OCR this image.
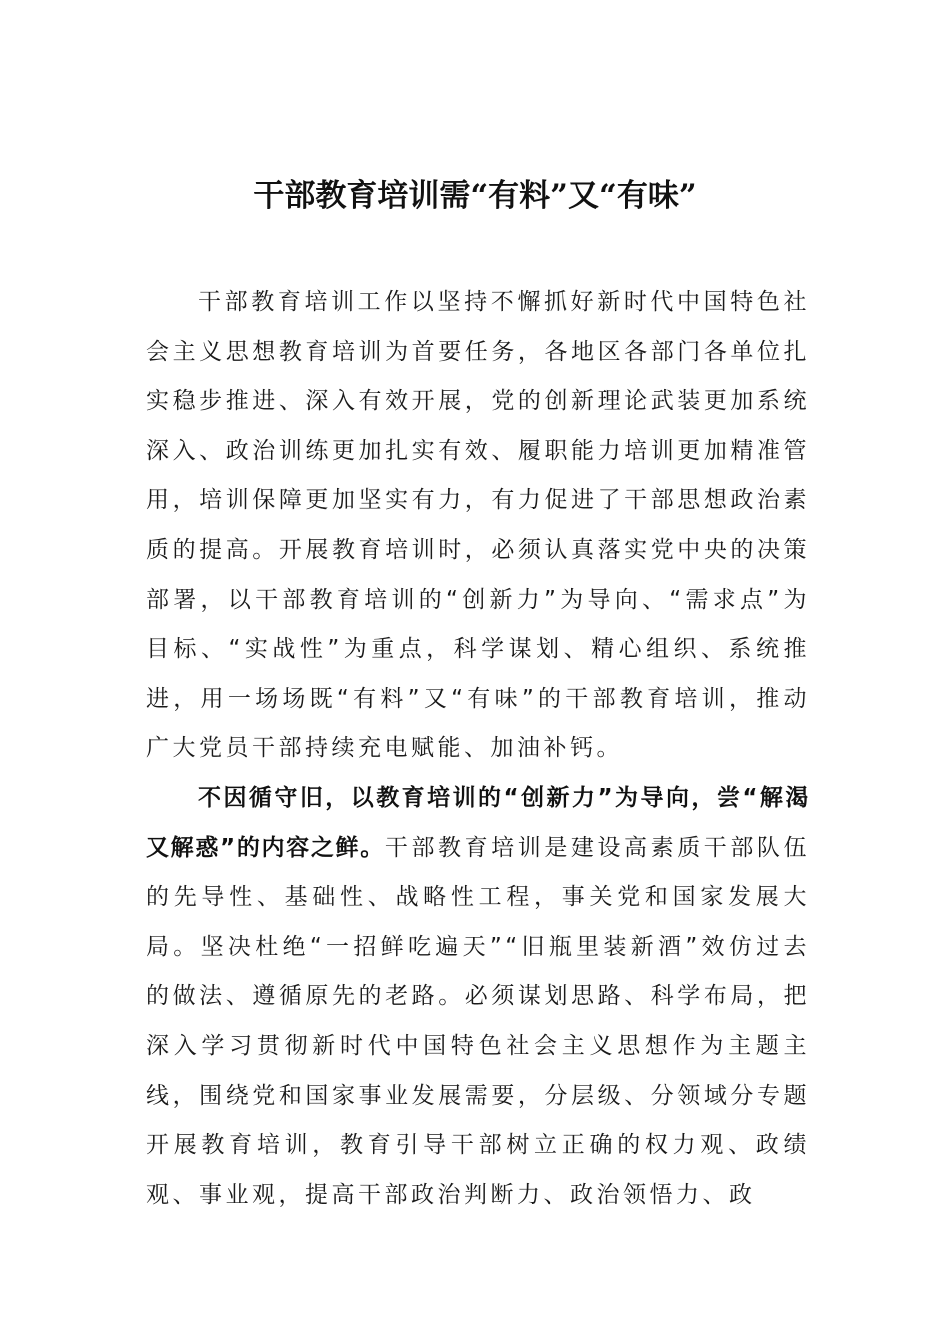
干部教育培训需“有料”又“有味”
干部教育培训工作以坚持不懈抓好新时代中国特色社会主义思想教育培训为首要任务，各地区各部门各单位扎实稳步推进、深入有效开展，党的创新理论武装更加系统深入、政治训练更加扎实有效、履职能力培训更加精准管用，培训保障更加坚实有力，有力促进了干部思想政治素质的提高。开展教育培训时，必须认真落实党中央的决策部署，以干部教育培训的“创新力”为导向、“需求点”为目标、“实战性”为重点，科学谋划、精心组织、系统推进，用一场场既“有料”又“有味”的干部教育培训，推动广大党员干部持续充电赋能、加油补钙。
不因循守旧，以教育培训的“创新力”为导向，尝“解渴又解惑”的内容之鲜。干部教育培训是建设高素质干部队伍的先导性、基础性、战略性工程，事关党和国家发展大局。坚决杜绝“一招鲜吃遍天”“旧瓶里装新酒”效仿过去的做法、遵循原先的老路。必须谋划思路、科学布局，把深入学习贯彻新时代中国特色社会主义思想作为主题主线，围绕党和国家事业发展需要，分层级、分领域分专题开展教育培训，教育引导干部树立正确的权力观、政绩观、事业观，提高干部政治判断力、政治领悟力、政
